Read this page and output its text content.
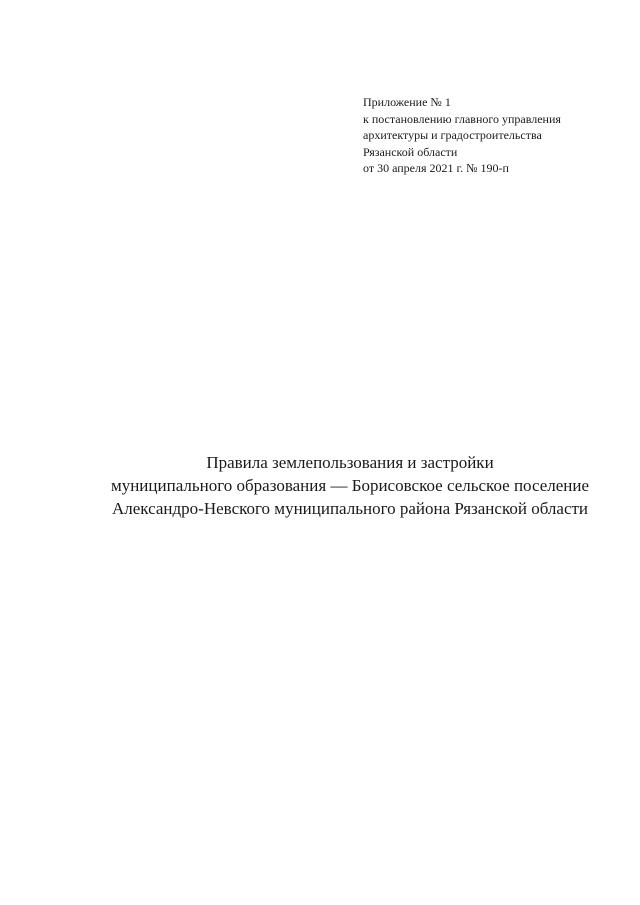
Приложение № 1
к постановлению главного управления
архитектуры и градостроительства
Рязанской области
от 30 апреля 2021 г. № 190-п
Правила землепользования и застройки
муниципального образования — Борисовское сельское поселение
Александро-Невского муниципального района Рязанской области
